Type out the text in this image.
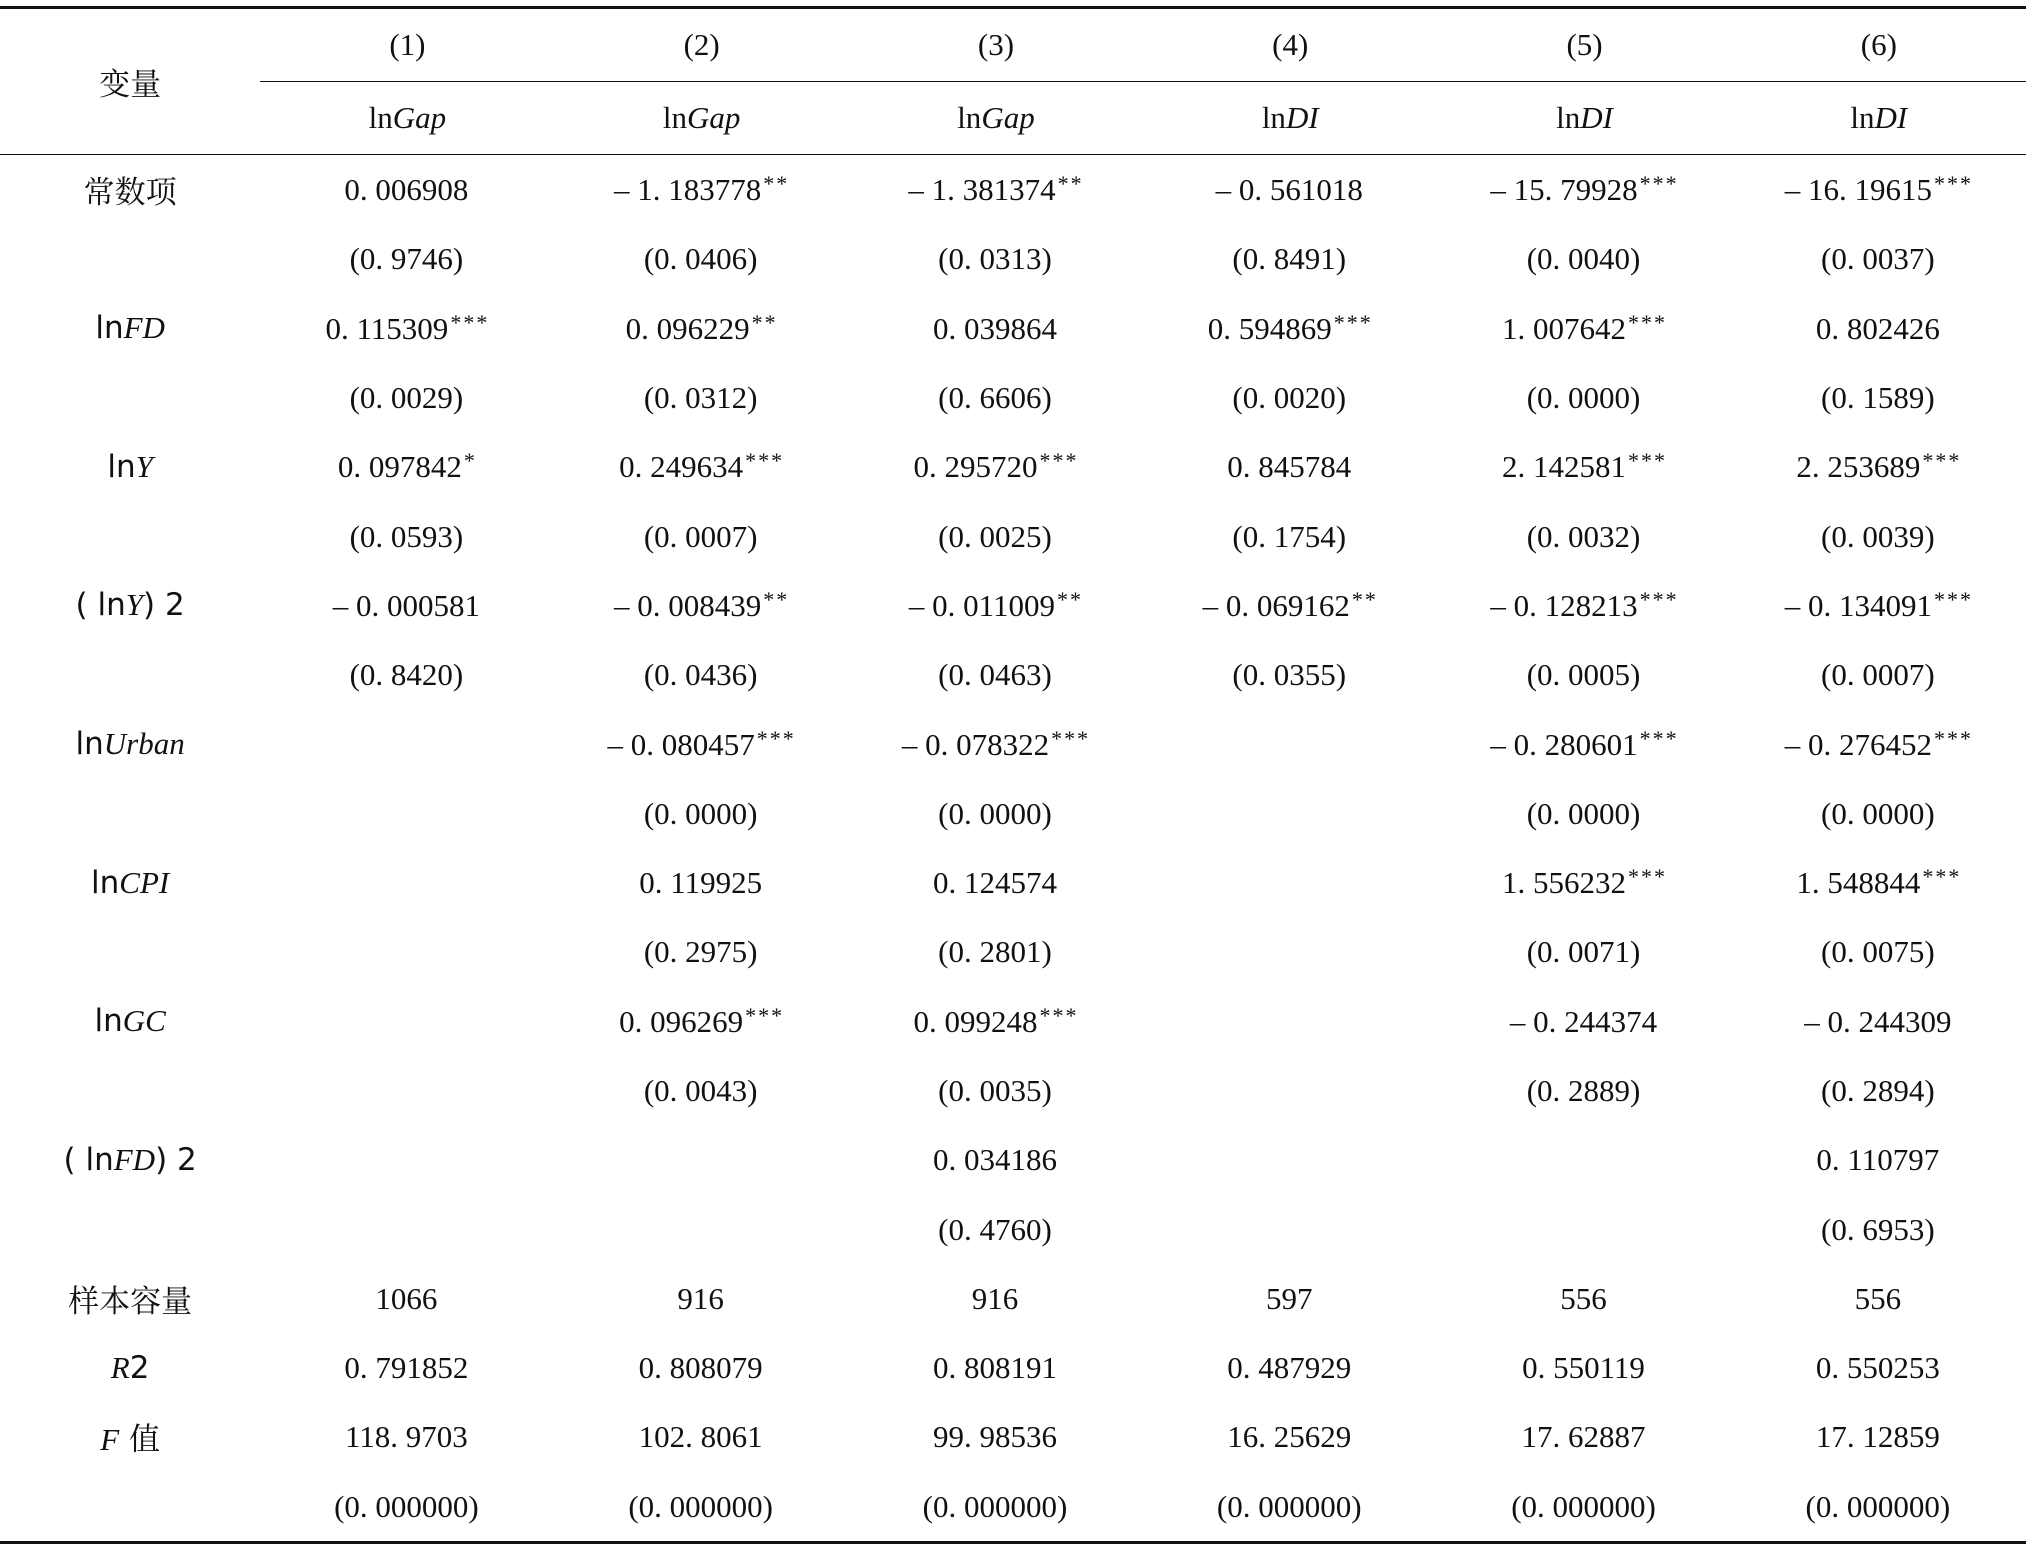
变量	(1)	(2)	(3)	(4)	(5)	(6)
	lnGap	lnGap	lnGap	lnDI	lnDI	lnDI
常数项	0. 006908	– 1. 183778**	– 1. 381374**	– 0. 561018	– 15. 79928***	– 16. 19615***
	(0. 9746)	(0. 0406)	(0. 0313)	(0. 8491)	(0. 0040)	(0. 0037)
lnFD	0. 115309***	0. 096229**	0. 039864	0. 594869***	1. 007642***	0. 802426
	(0. 0029)	(0. 0312)	(0. 6606)	(0. 0020)	(0. 0000)	(0. 1589)
lnY	0. 097842*	0. 249634***	0. 295720***	0. 845784	2. 142581***	2. 253689***
	(0. 0593)	(0. 0007)	(0. 0025)	(0. 1754)	(0. 0032)	(0. 0039)
( lnY) 2	– 0. 000581	– 0. 008439**	– 0. 011009**	– 0. 069162**	– 0. 128213***	– 0. 134091***
	(0. 8420)	(0. 0436)	(0. 0463)	(0. 0355)	(0. 0005)	(0. 0007)
lnUrban		– 0. 080457***	– 0. 078322***		– 0. 280601***	– 0. 276452***
		(0. 0000)	(0. 0000)		(0. 0000)	(0. 0000)
lnCPI		0. 119925	0. 124574		1. 556232***	1. 548844***
		(0. 2975)	(0. 2801)		(0. 0071)	(0. 0075)
lnGC		0. 096269***	0. 099248***		– 0. 244374	– 0. 244309
		(0. 0043)	(0. 0035)		(0. 2889)	(0. 2894)
( lnFD) 2			0. 034186			0. 110797
			(0. 4760)			(0. 6953)
样本容量	1066	916	916	597	556	556
R2	0. 791852	0. 808079	0. 808191	0. 487929	0. 550119	0. 550253
F 值	118. 9703	102. 8061	99. 98536	16. 25629	17. 62887	17. 12859
	(0. 000000)	(0. 000000)	(0. 000000)	(0. 000000)	(0. 000000)	(0. 000000)
